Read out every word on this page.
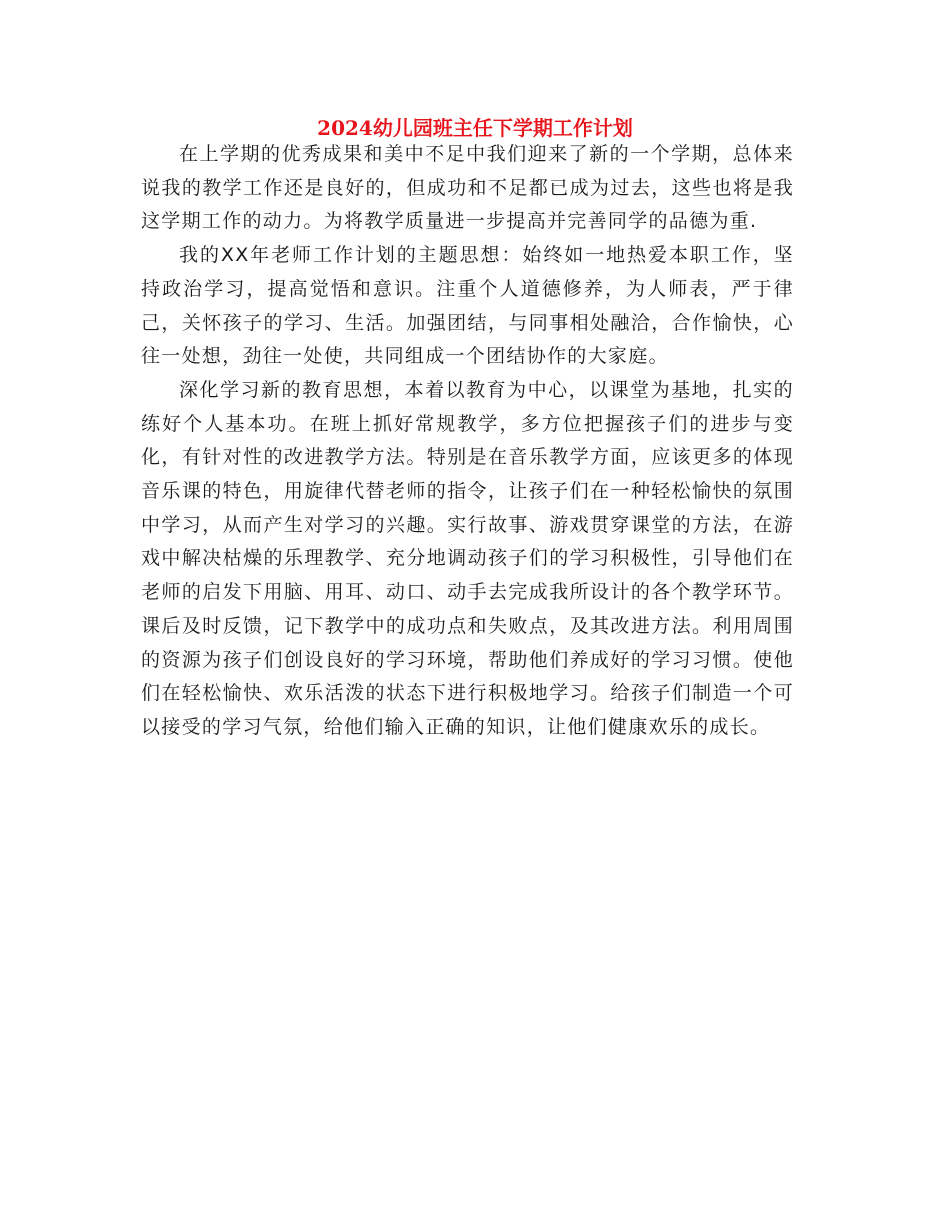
2024幼儿园班主任下学期工作计划

在上学期的优秀成果和美中不足中我们迎来了新的一个学期，总体来说我的教学工作还是良好的，但成功和不足都已成为过去，这些也将是我这学期工作的动力。为将教学质量进一步提高并完善同学的品德为重.

我的XX年老师工作计划的主题思想：始终如一地热爱本职工作，坚持政治学习，提高觉悟和意识。注重个人道德修养，为人师表，严于律己，关怀孩子的学习、生活。加强团结，与同事相处融洽，合作愉快，心往一处想，劲往一处使，共同组成一个团结协作的大家庭。

深化学习新的教育思想，本着以教育为中心，以课堂为基地，扎实的练好个人基本功。在班上抓好常规教学，多方位把握孩子们的进步与变化，有针对性的改进教学方法。特别是在音乐教学方面，应该更多的体现音乐课的特色，用旋律代替老师的指令，让孩子们在一种轻松愉快的氛围中学习，从而产生对学习的兴趣。实行故事、游戏贯穿课堂的方法，在游戏中解决枯燥的乐理教学、充分地调动孩子们的学习积极性，引导他们在老师的启发下用脑、用耳、动口、动手去完成我所设计的各个教学环节。课后及时反馈，记下教学中的成功点和失败点，及其改进方法。利用周围的资源为孩子们创设良好的学习环境，帮助他们养成好的学习习惯。使他们在轻松愉快、欢乐活泼的状态下进行积极地学习。给孩子们制造一个可以接受的学习气氛，给他们输入正确的知识，让他们健康欢乐的成长。
